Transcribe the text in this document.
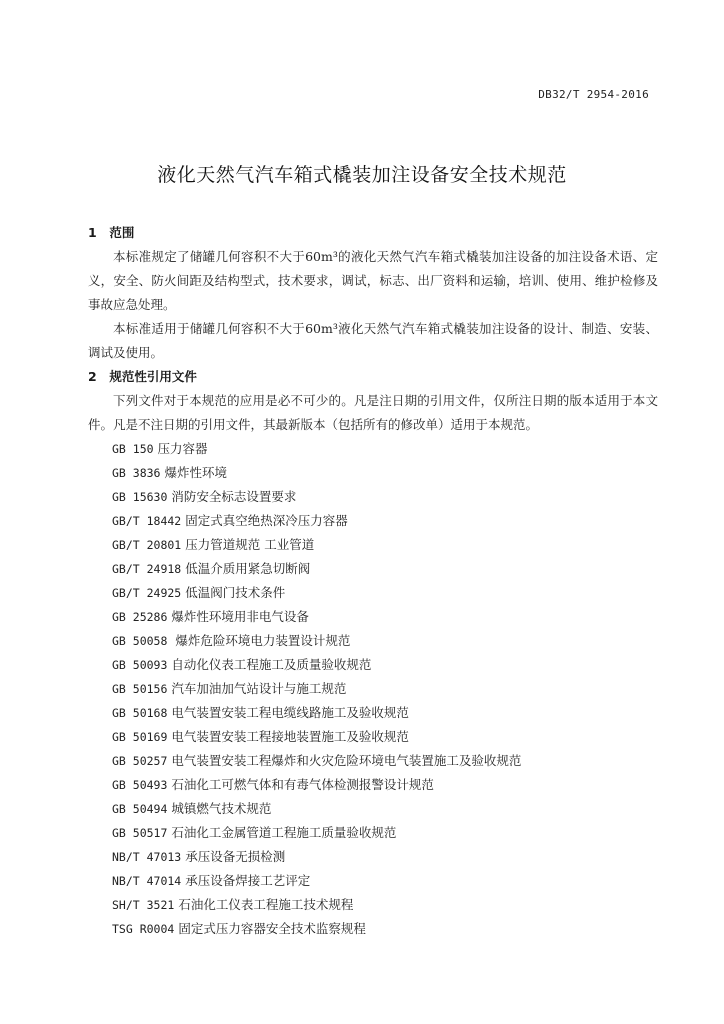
DB32/T 2954-2016
液化天然气汽车箱式橇装加注设备安全技术规范
1 范围

本标准规定了储罐几何容积不大于60m³的液化天然气汽车箱式橇装加注设备的加注设备术语、定义，安全、防火间距及结构型式，技术要求，调试，标志、出厂资料和运输，培训、使用、维护检修及事故应急处理。

本标准适用于储罐几何容积不大于60m³液化天然气汽车箱式橇装加注设备的设计、制造、安装、调试及使用。

2 规范性引用文件

下列文件对于本规范的应用是必不可少的。凡是注日期的引用文件，仅所注日期的版本适用于本文件。凡是不注日期的引用文件，其最新版本（包括所有的修改单）适用于本规范。

GB 150 压力容器
GB 3836 爆炸性环境
GB 15630 消防安全标志设置要求
GB/T 18442 固定式真空绝热深冷压力容器
GB/T 20801 压力管道规范 工业管道
GB/T 24918 低温介质用紧急切断阀
GB/T 24925 低温阀门技术条件
GB 25286 爆炸性环境用非电气设备
GB 50058 爆炸危险环境电力装置设计规范
GB 50093 自动化仪表工程施工及质量验收规范
GB 50156 汽车加油加气站设计与施工规范
GB 50168 电气装置安装工程电缆线路施工及验收规范
GB 50169 电气装置安装工程接地装置施工及验收规范
GB 50257 电气装置安装工程爆炸和火灾危险环境电气装置施工及验收规范
GB 50493 石油化工可燃气体和有毒气体检测报警设计规范
GB 50494 城镇燃气技术规范
GB 50517 石油化工金属管道工程施工质量验收规范
NB/T 47013 承压设备无损检测
NB/T 47014 承压设备焊接工艺评定
SH/T 3521 石油化工仪表工程施工技术规程
TSG R0004 固定式压力容器安全技术监察规程
